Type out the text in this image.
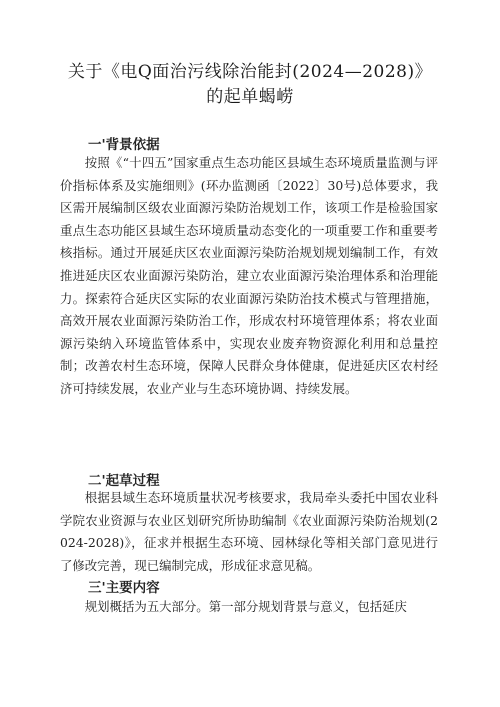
关于《电Q面治污线除治能封(2024—2028)》
的起单蝎崂
一'背景依据
按照《“十四五”国家重点生态功能区县域生态环境质量监测与评价指标体系及实施细则》(环办监测函〔2022〕30号)总体要求，我区需开展编制区级农业面源污染防治规划工作，该项工作是检验国家重点生态功能区县域生态环境质量动态变化的一项重要工作和重要考核指标。通过开展延庆区农业面源污染防治规划规划编制工作，有效推进延庆区农业面源污染防治，建立农业面源污染治理体系和治理能力。探索符合延庆区实际的农业面源污染防治技术模式与管理措施，高效开展农业面源污染防治工作，形成农村环境管理体系；将农业面源污染纳入环境监管体系中，实现农业废弃物资源化利用和总量控制；改善农村生态环境，保障人民群众身体健康，促进延庆区农村经济可持续发展，农业产业与生态环境协调、持续发展。
二'起草过程
根据县域生态环境质量状况考核要求，我局牵头委托中国农业科学院农业资源与农业区划研究所协助编制《农业面源污染防治规划(2024-2028)》，征求并根据生态环境、园林绿化等相关部门意见进行了修改完善，现已编制完成，形成征求意见稿。
三'主要内容
规划概括为五大部分。第一部分规划背景与意义，包括延庆
